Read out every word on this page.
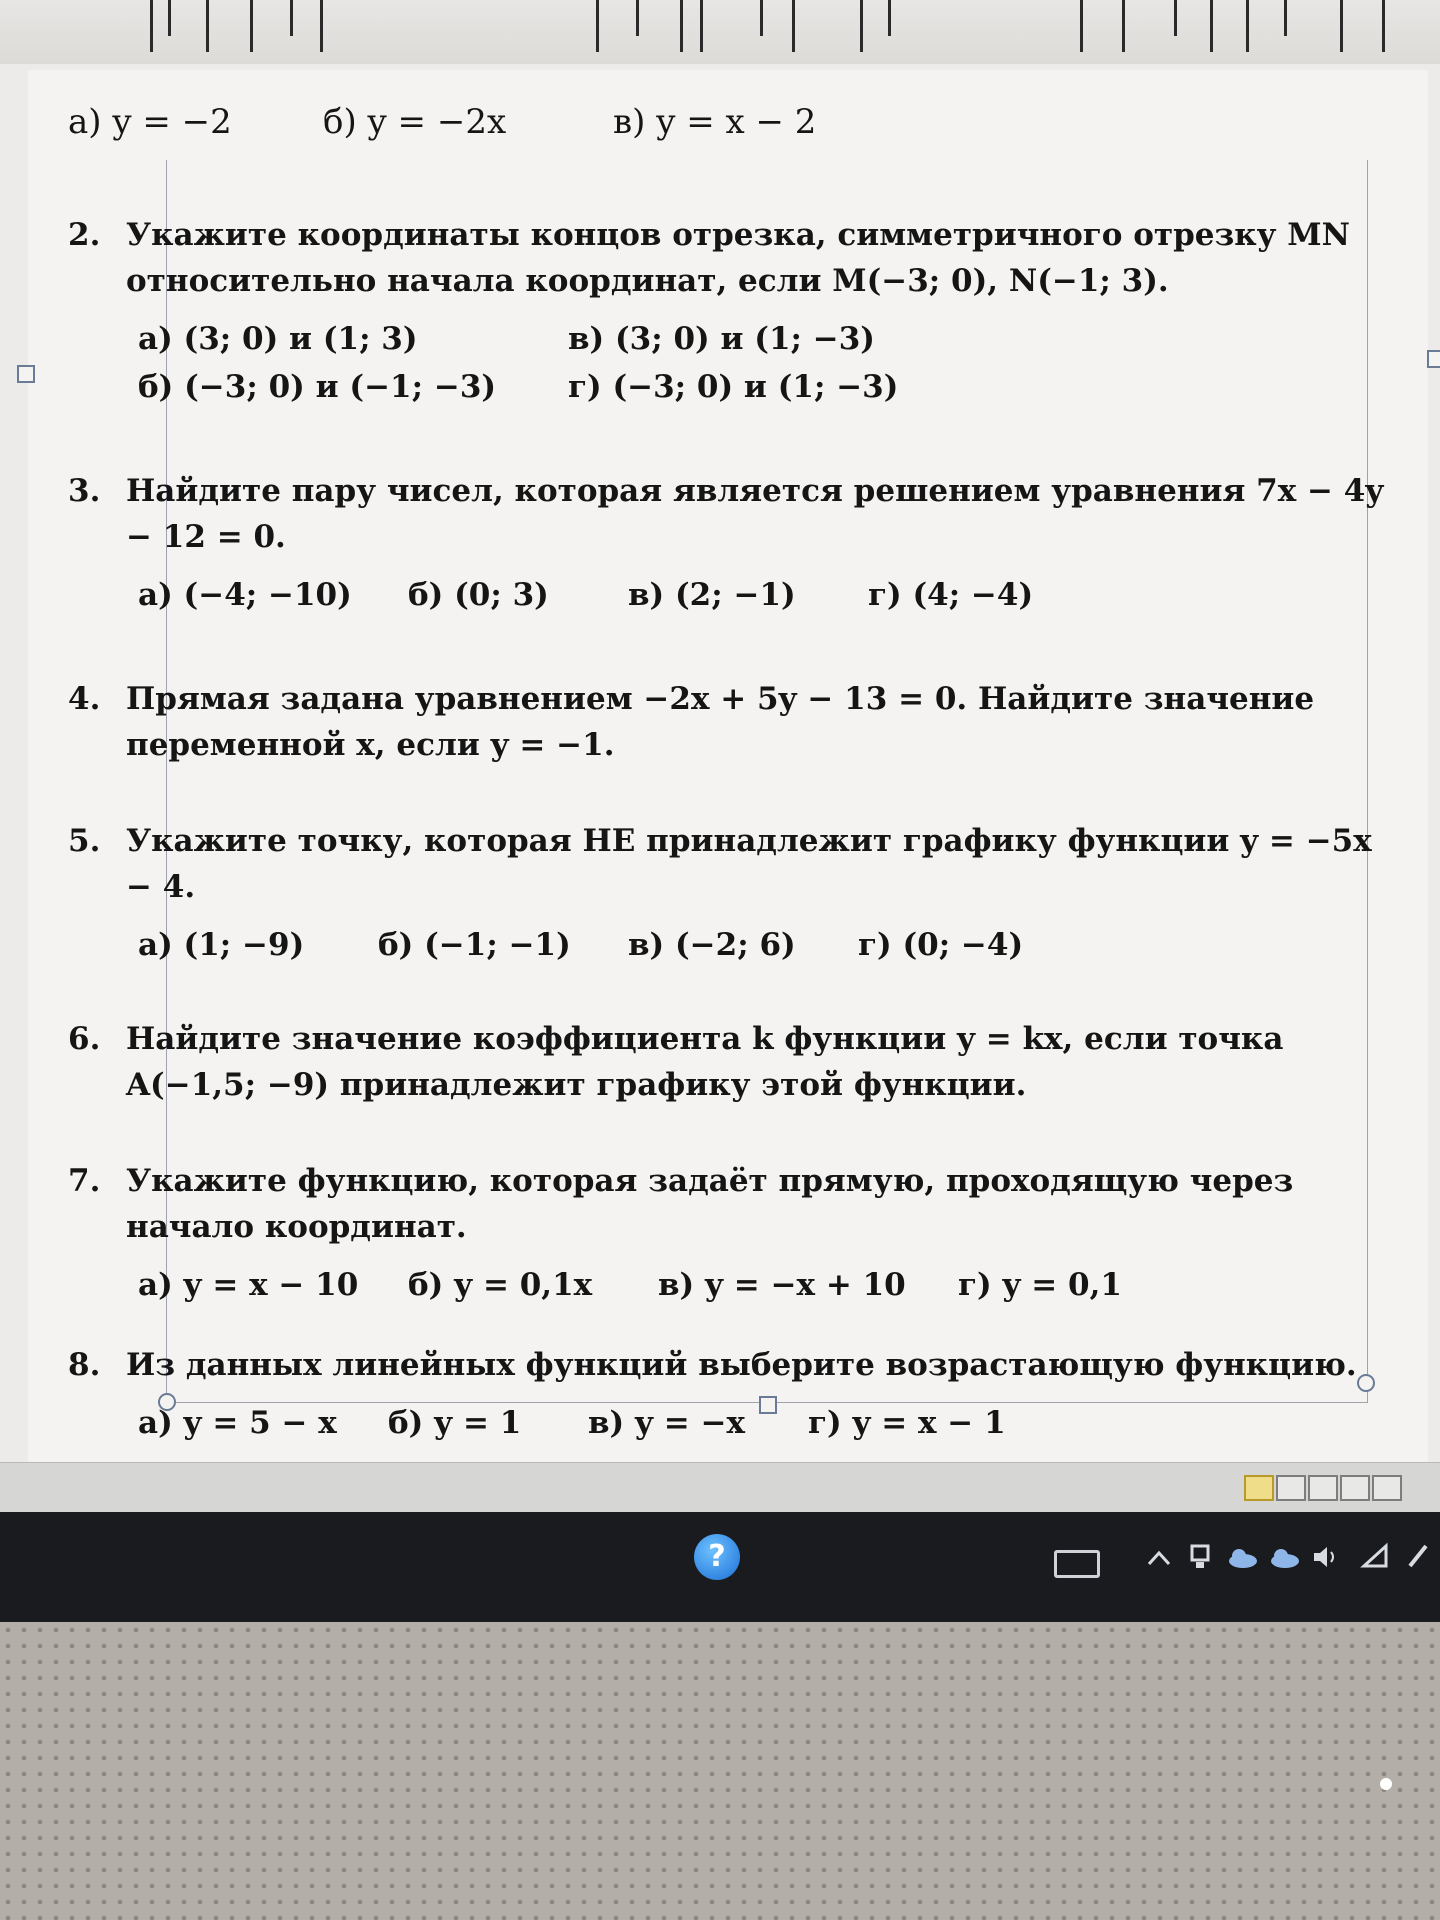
а) y = −2	б) y = −2x	в) y = x − 2
2. Укажите координаты концов отрезка, симметричного отрезку MN относительно начала координат, если M(−3; 0), N(−1; 3).
а) (3; 0) и (1; 3)	в) (3; 0) и (1; −3)
б) (−3; 0) и (−1; −3)	г) (−3; 0) и (1; −3)
3. Найдите пару чисел, которая является решением уравнения 7x − 4y − 12 = 0.
а) (−4; −10)	б) (0; 3)	в) (2; −1)	г) (4; −4)
4. Прямая задана уравнением −2x + 5y − 13 = 0. Найдите значение переменной x, если y = −1.
5. Укажите точку, которая НЕ принадлежит графику функции y = −5x − 4.
а) (1; −9)	б) (−1; −1)	в) (−2; 6)	г) (0; −4)
6. Найдите значение коэффициента k функции y = kx, если точка A(−1,5; −9) принадлежит графику этой функции.
7. Укажите функцию, которая задаёт прямую, проходящую через начало координат.
а) y = x − 10	б) y = 0,1x	в) y = −x + 10	г) y = 0,1
8. Из данных линейных функций выберите возрастающую функцию.
а) y = 5 − x	б) y = 1	в) y = −x	г) y = x − 1
?
